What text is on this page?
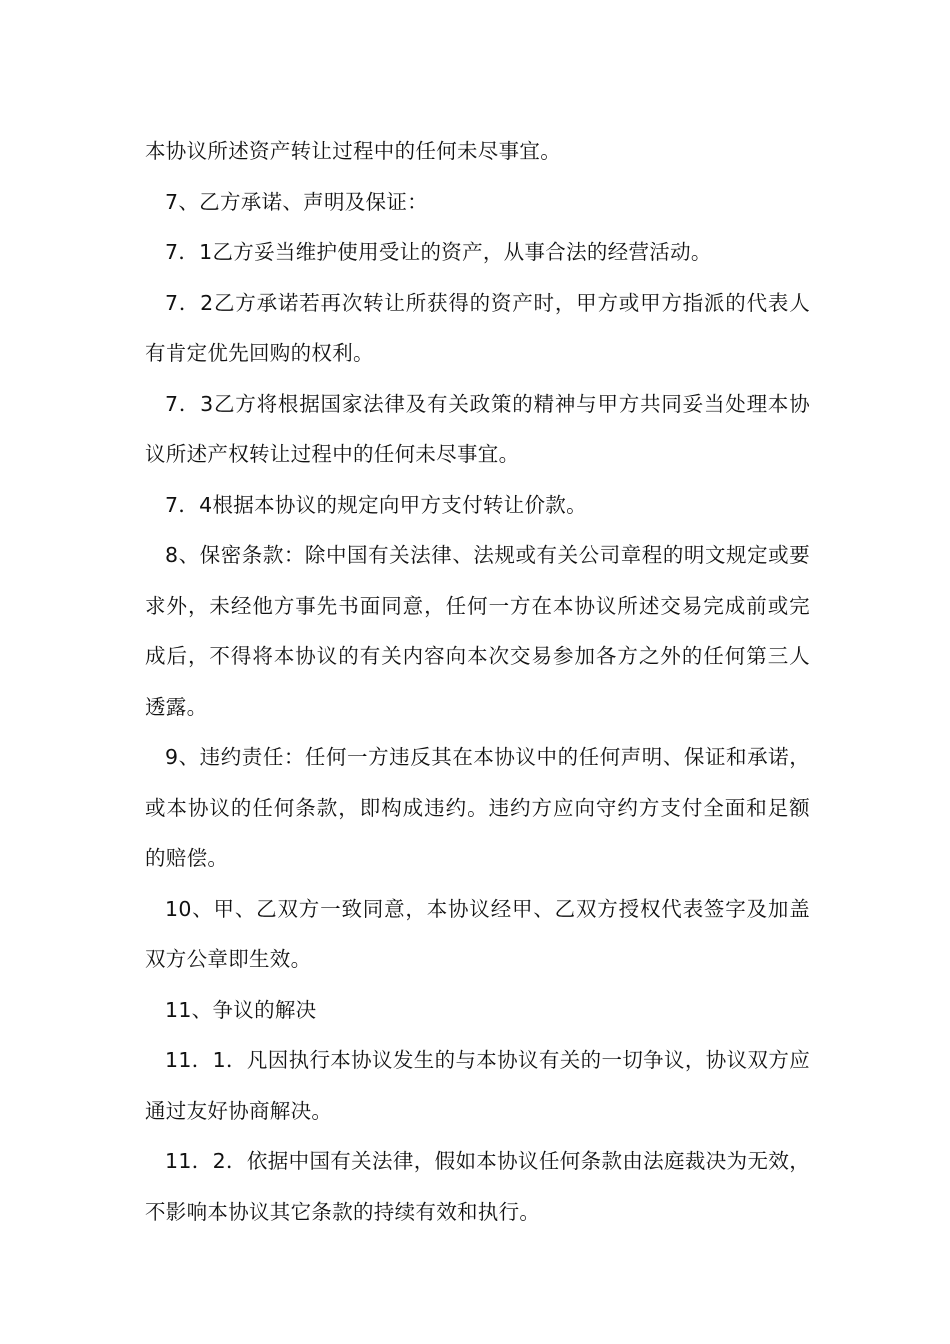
本协议所述资产转让过程中的任何未尽事宜。

7、乙方承诺、声明及保证：

7．1乙方妥当维护使用受让的资产，从事合法的经营活动。

7．2乙方承诺若再次转让所获得的资产时，甲方或甲方指派的代表人有肯定优先回购的权利。

7．3乙方将根据国家法律及有关政策的精神与甲方共同妥当处理本协议所述产权转让过程中的任何未尽事宜。

7．4根据本协议的规定向甲方支付转让价款。

8、保密条款：除中国有关法律、法规或有关公司章程的明文规定或要求外，未经他方事先书面同意，任何一方在本协议所述交易完成前或完成后，不得将本协议的有关内容向本次交易参加各方之外的任何第三人透露。

9、违约责任：任何一方违反其在本协议中的任何声明、保证和承诺，或本协议的任何条款，即构成违约。违约方应向守约方支付全面和足额的赔偿。

10、甲、乙双方一致同意，本协议经甲、乙双方授权代表签字及加盖双方公章即生效。

11、争议的解决

11．1．凡因执行本协议发生的与本协议有关的一切争议，协议双方应通过友好协商解决。

11．2．依据中国有关法律，假如本协议任何条款由法庭裁决为无效，不影响本协议其它条款的持续有效和执行。
